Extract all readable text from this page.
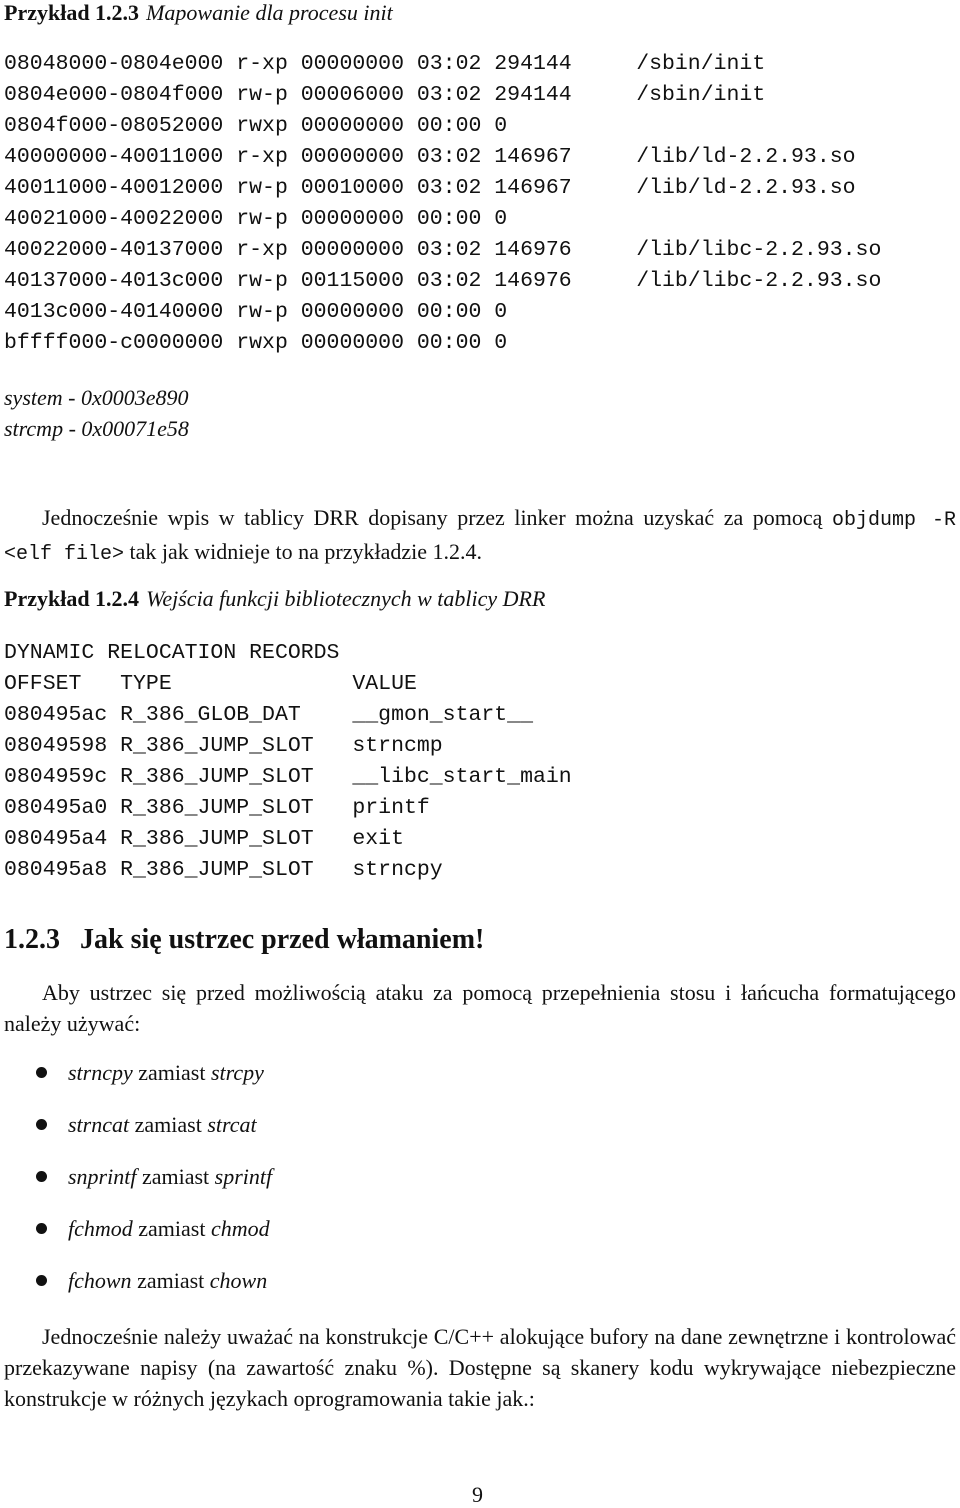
Przykład 1.2.3 Mapowanie dla procesu init
08048000-0804e000 r-xp 00000000 03:02 294144     /sbin/init
0804e000-0804f000 rw-p 00006000 03:02 294144     /sbin/init
0804f000-08052000 rwxp 00000000 00:00 0
40000000-40011000 r-xp 00000000 03:02 146967     /lib/ld-2.2.93.so
40011000-40012000 rw-p 00010000 03:02 146967     /lib/ld-2.2.93.so
40021000-40022000 rw-p 00000000 00:00 0
40022000-40137000 r-xp 00000000 03:02 146976     /lib/libc-2.2.93.so
40137000-4013c000 rw-p 00115000 03:02 146976     /lib/libc-2.2.93.so
4013c000-40140000 rw-p 00000000 00:00 0
bffff000-c0000000 rwxp 00000000 00:00 0
system - 0x0003e890
strcmp - 0x00071e58
Jednocześnie wpis w tablicy DRR dopisany przez linker można uzyskać za pomocą objdump -R <elf file> tak jak widnieje to na przykładzie 1.2.4.
Przykład 1.2.4 Wejścia funkcji bibliotecznych w tablicy DRR
DYNAMIC RELOCATION RECORDS
OFFSET   TYPE              VALUE
080495ac R_386_GLOB_DAT    __gmon_start__
08049598 R_386_JUMP_SLOT   strncmp
0804959c R_386_JUMP_SLOT   __libc_start_main
080495a0 R_386_JUMP_SLOT   printf
080495a4 R_386_JUMP_SLOT   exit
080495a8 R_386_JUMP_SLOT   strncpy
1.2.3 Jak się ustrzec przed włamaniem!
Aby ustrzec się przed możliwością ataku za pomocą przepełnienia stosu i łańcucha formatującego należy używać:
strncpy zamiast strcpy
strncat zamiast strcat
snprintf zamiast sprintf
fchmod zamiast chmod
fchown zamiast chown
Jednocześnie należy uważać na konstrukcje C/C++ alokujące bufory na dane zewnętrzne i kontrolować przekazywane napisy (na zawartość znaku %). Dostępne są skanery kodu wykrywające niebezpieczne konstrukcje w różnych językach oprogramowania takie jak.:
9
